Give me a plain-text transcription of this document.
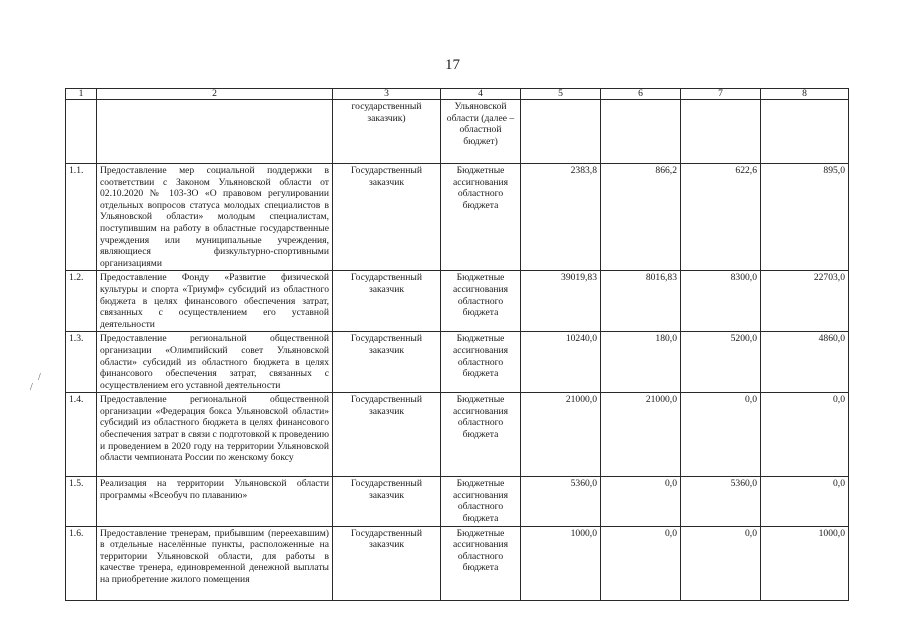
17
1	2	3	4	5	6	7	8
		государственный заказчик)	Ульяновской области (далее – областной бюджет)				
1.1.	Предоставление мер социальной поддержки в соответствии с Законом Ульяновской области от 02.10.2020 № 103-ЗО «О правовом регулировании отдельных вопросов статуса молодых специалистов в Ульяновской области» молодым специалистам, поступившим на работу в областные государственные учреждения или муниципальные учреждения, являющиеся физкультурно-спортивными организациями	Государственный заказчик	Бюджетные ассигнования областного бюджета	2383,8	866,2	622,6	895,0
1.2.	Предоставление Фонду «Развитие физической культуры и спорта «Триумф» субсидий из областного бюджета в целях финансового обеспечения затрат, связанных с осуществлением его уставной деятельности	Государственный заказчик	Бюджетные ассигнования областного бюджета	39019,83	8016,83	8300,0	22703,0
1.3.	Предоставление региональной общественной организации «Олимпийский совет Ульяновской области» субсидий из областного бюджета в целях финансового обеспечения затрат, связанных с осуществлением его уставной деятельности	Государственный заказчик	Бюджетные ассигнования областного бюджета	10240,0	180,0	5200,0	4860,0
1.4.	Предоставление региональной общественной организации «Федерация бокса Ульяновской области» субсидий из областного бюджета в целях финансового обеспечения затрат в связи с подготовкой к проведению и проведением в 2020 году на территории Ульяновской области чемпионата России по женскому боксу	Государственный заказчик	Бюджетные ассигнования областного бюджета	21000,0	21000,0	0,0	0,0
1.5.	Реализация на территории Ульяновской области программы «Всеобуч по плаванию»	Государственный заказчик	Бюджетные ассигнования областного бюджета	5360,0	0,0	5360,0	0,0
1.6.	Предоставление тренерам, прибывшим (переехавшим) в отдельные населённые пункты, расположенные на территории Ульяновской области, для работы в качестве тренера, единовременной денежной выплаты на приобретение жилого помещения	Государственный заказчик	Бюджетные ассигнования областного бюджета	1000,0	0,0	0,0	1000,0
/
/
